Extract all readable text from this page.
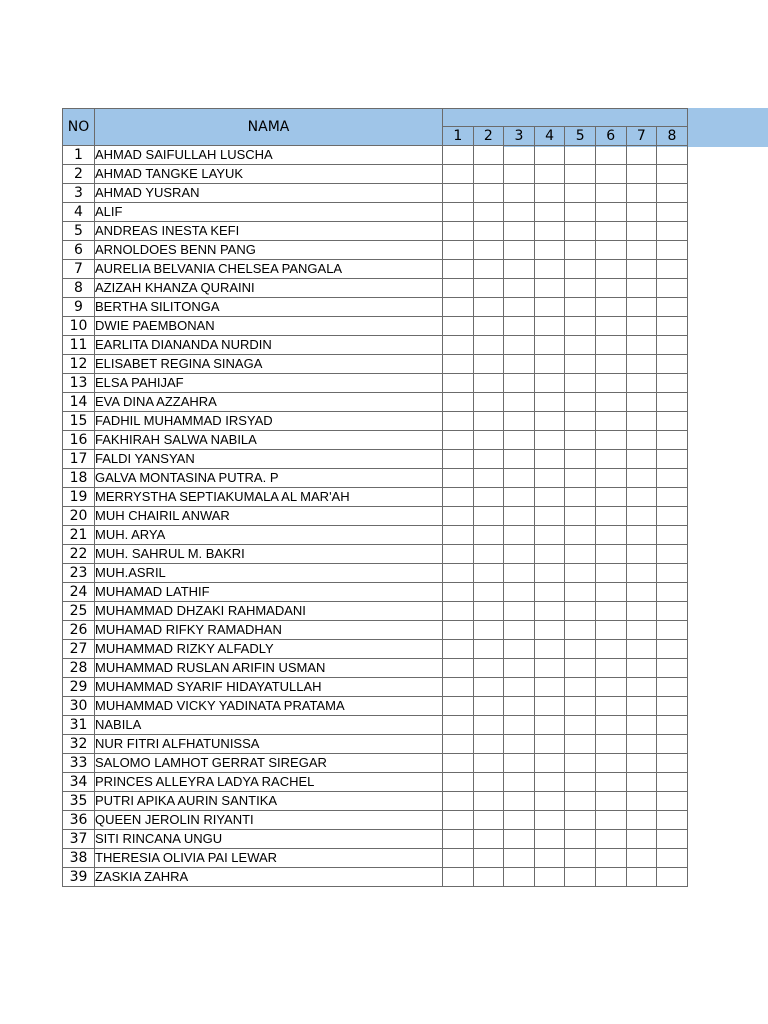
NO	NAMA								
		1	2	3	4	5	6	7	8
1	AHMAD SAIFULLAH LUSCHA								
2	AHMAD TANGKE LAYUK								
3	AHMAD YUSRAN								
4	ALIF								
5	ANDREAS INESTA KEFI								
6	ARNOLDOES BENN PANG								
7	AURELIA BELVANIA CHELSEA PANGALA								
8	AZIZAH KHANZA QURAINI								
9	BERTHA SILITONGA								
10	DWIE PAEMBONAN								
11	EARLITA DIANANDA NURDIN								
12	ELISABET REGINA SINAGA								
13	ELSA PAHIJAF								
14	EVA DINA AZZAHRA								
15	FADHIL MUHAMMAD IRSYAD								
16	FAKHIRAH SALWA NABILA								
17	FALDI YANSYAN								
18	GALVA MONTASINA PUTRA. P								
19	MERRYSTHA SEPTIAKUMALA AL MAR'AH								
20	MUH CHAIRIL ANWAR								
21	MUH. ARYA								
22	MUH. SAHRUL M. BAKRI								
23	MUH.ASRIL								
24	MUHAMAD LATHIF								
25	MUHAMMAD DHZAKI RAHMADANI								
26	MUHAMAD RIFKY RAMADHAN								
27	MUHAMMAD RIZKY ALFADLY								
28	MUHAMMAD RUSLAN ARIFIN USMAN								
29	MUHAMMAD SYARIF HIDAYATULLAH								
30	MUHAMMAD VICKY YADINATA PRATAMA								
31	NABILA								
32	NUR FITRI ALFHATUNISSA								
33	SALOMO LAMHOT GERRAT SIREGAR								
34	PRINCES ALLEYRA LADYA RACHEL								
35	PUTRI APIKA AURIN SANTIKA								
36	QUEEN JEROLIN RIYANTI								
37	SITI RINCANA UNGU								
38	THERESIA OLIVIA PAI LEWAR								
39	ZASKIA ZAHRA								
